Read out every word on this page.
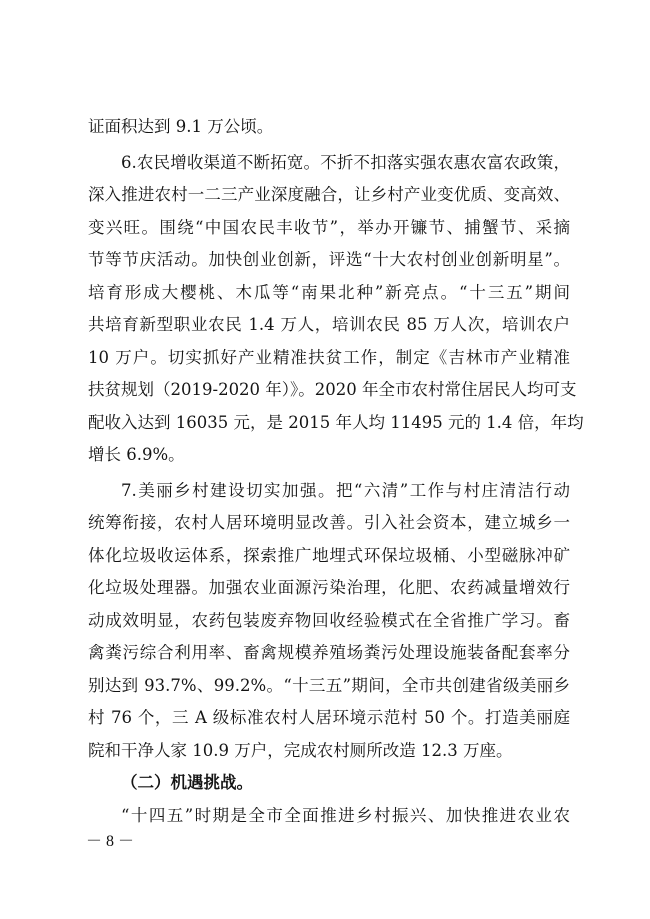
证面积达到 9.1 万公顷。
6.农民增收渠道不断拓宽。不折不扣落实强农惠农富农政策，
深入推进农村一二三产业深度融合，让乡村产业变优质、变高效、
变兴旺。围绕“中国农民丰收节”，举办开镰节、捕蟹节、采摘
节等节庆活动。加快创业创新，评选“十大农村创业创新明星”。
培育形成大樱桃、木瓜等“南果北种”新亮点。“十三五”期间
共培育新型职业农民 1.4 万人，培训农民 85 万人次，培训农户
10 万户。切实抓好产业精准扶贫工作，制定《吉林市产业精准
扶贫规划（2019-2020 年）》。2020 年全市农村常住居民人均可支
配收入达到 16035 元，是 2015 年人均 11495 元的 1.4 倍，年均
增长 6.9%。
7.美丽乡村建设切实加强。把“六清”工作与村庄清洁行动
统筹衔接，农村人居环境明显改善。引入社会资本，建立城乡一
体化垃圾收运体系，探索推广地埋式环保垃圾桶、小型磁脉冲矿
化垃圾处理器。加强农业面源污染治理，化肥、农药减量增效行
动成效明显，农药包装废弃物回收经验模式在全省推广学习。畜
禽粪污综合利用率、畜禽规模养殖场粪污处理设施装备配套率分
别达到 93.7%、99.2%。“十三五”期间，全市共创建省级美丽乡
村 76 个，三 A 级标准农村人居环境示范村 50 个。打造美丽庭
院和干净人家 10.9 万户，完成农村厕所改造 12.3 万座。
（二）机遇挑战。
“十四五”时期是全市全面推进乡村振兴、加快推进农业农
－ 8 －
